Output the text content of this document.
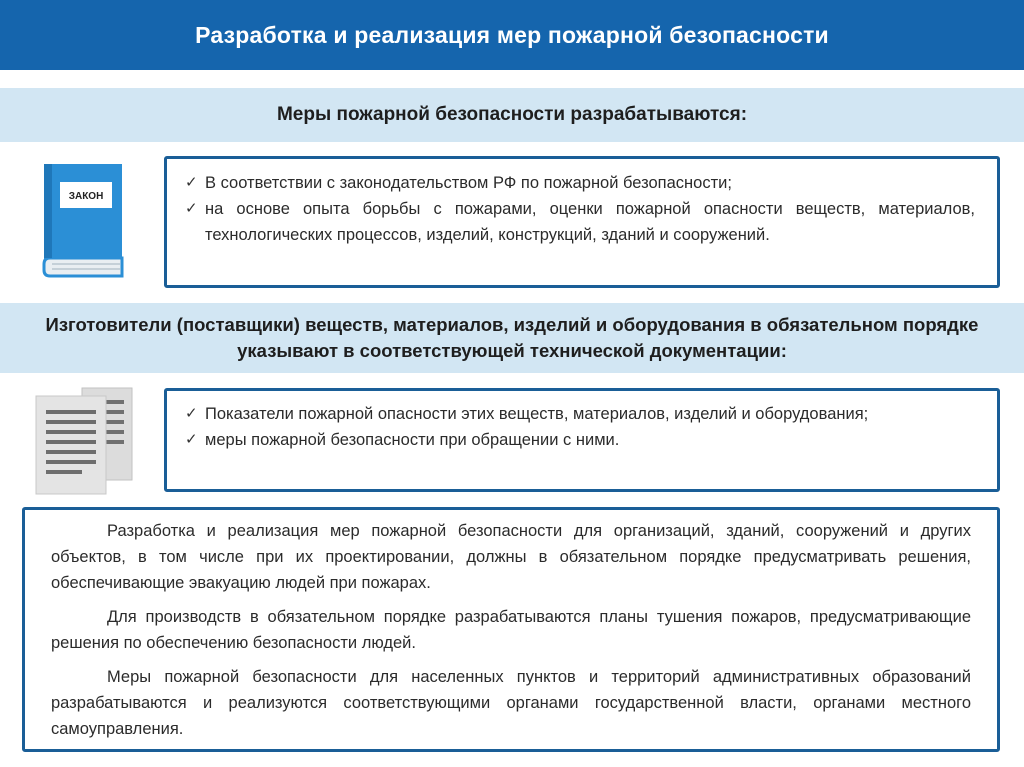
Разработка и реализация мер пожарной безопасности
Меры пожарной безопасности разрабатываются:
ЗАКОН
✓ В соответствии с законодательством РФ по пожарной безопасности;
✓ на основе опыта борьбы с пожарами, оценки пожарной опасности веществ, материалов, технологических процессов, изделий, конструкций, зданий и сооружений.
Изготовители (поставщики) веществ, материалов, изделий и оборудования в обязательном порядке указывают в соответствующей технической документации:
✓ Показатели пожарной опасности этих веществ, материалов, изделий и оборудования;
✓ меры пожарной безопасности при обращении с ними.

Разработка и реализация мер пожарной безопасности для организаций, зданий, сооружений и других объектов, в том числе при их проектировании, должны в обязательном порядке предусматривать решения, обеспечивающие эвакуацию людей при пожарах.

Для производств в обязательном порядке разрабатываются планы тушения пожаров, предусматривающие решения по обеспечению безопасности людей.

Меры пожарной безопасности для населенных пунктов и территорий административных образований разрабатываются и реализуются соответствующими органами государственной власти, органами местного самоуправления.
